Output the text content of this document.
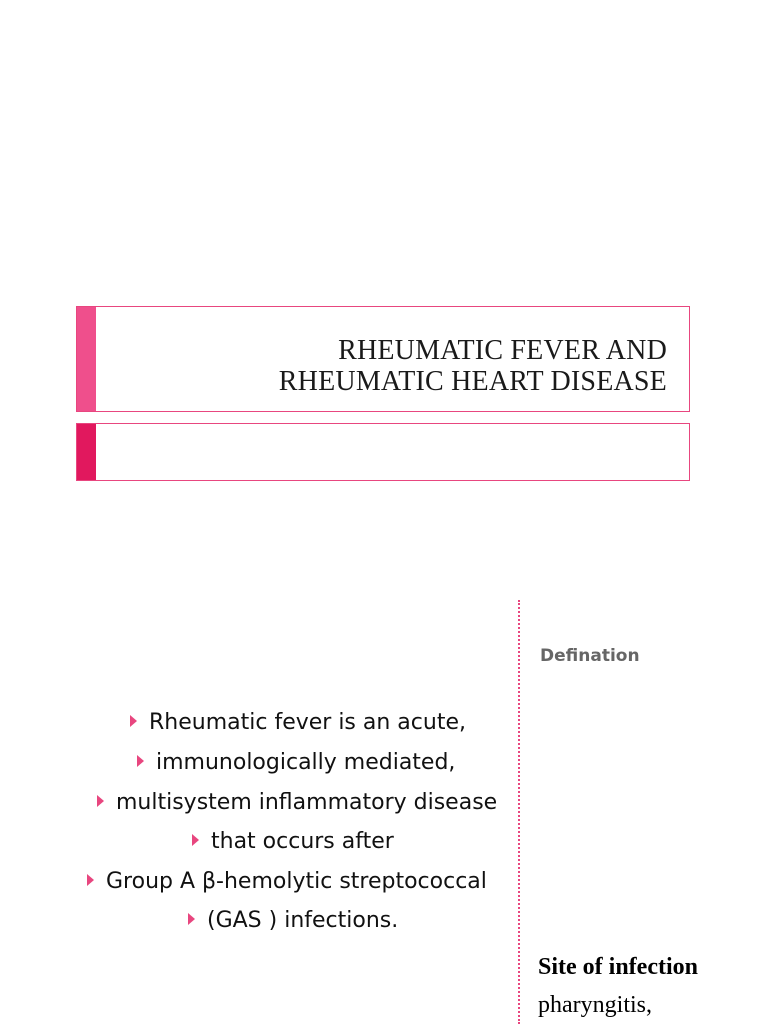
RHEUMATIC FEVER AND
RHEUMATIC HEART DISEASE
Defination
Rheumatic fever is an acute,
immunologically mediated,
multisystem inflammatory disease
that occurs after
Group A β-hemolytic streptococcal
(GAS ) infections.
Site of infection
pharyngitis,
